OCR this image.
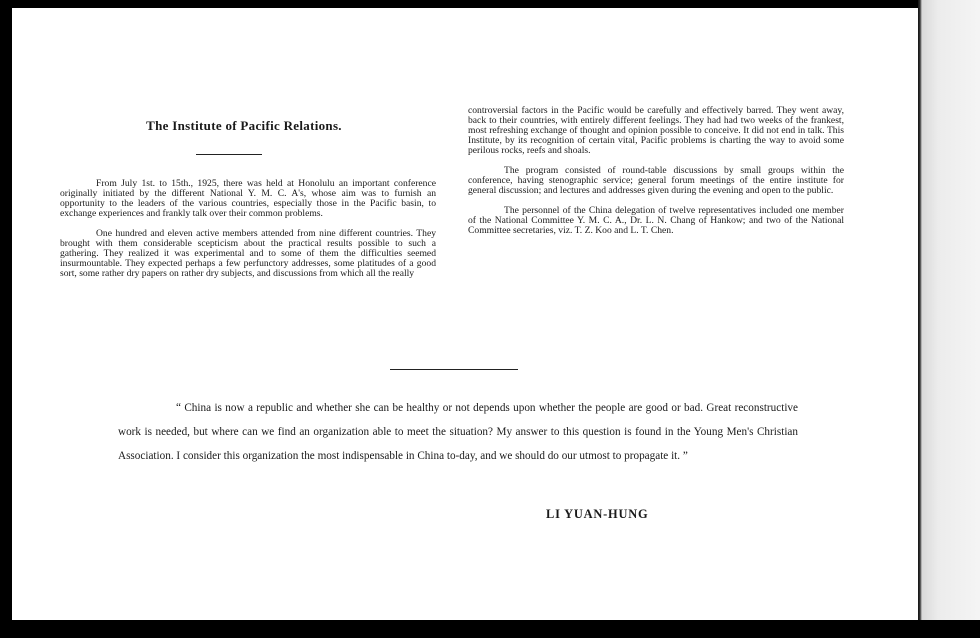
The Institute of Pacific Relations.

From July 1st. to 15th., 1925, there was held at Honolulu an important conference originally initiated by the different National Y. M. C. A's, whose aim was to furnish an opportunity to the leaders of the various countries, especially those in the Pacific basin, to exchange experiences and frankly talk over their common problems.

One hundred and eleven active members attended from nine different countries. They brought with them considerable scepticism about the practical results possible to such a gathering. They realized it was experimental and to some of them the difficulties seemed insurmountable. They expected perhaps a few perfunctory addresses, some platitudes of a good sort, some rather dry papers on rather dry subjects, and discussions from which all the really

controversial factors in the Pacific would be carefully and effectively barred. They went away, back to their countries, with entirely different feelings. They had had two weeks of the frankest, most refreshing exchange of thought and opinion possible to conceive. It did not end in talk. This Institute, by its recognition of certain vital, Pacific problems is charting the way to avoid some perilous rocks, reefs and shoals.

The program consisted of round-table discussions by small groups within the conference, having stenographic service; general forum meetings of the entire institute for general discussion; and lectures and addresses given during the evening and open to the public.

The personnel of the China delegation of twelve representatives included one member of the National Committee Y. M. C. A., Dr. L. N. Chang of Hankow; and two of the National Committee secretaries, viz. T. Z. Koo and L. T. Chen.

“ China is now a republic and whether she can be healthy or not depends upon whether the people are good or bad. Great reconstructive work is needed, but where can we find an organization able to meet the situation? My answer to this question is found in the Young Men's Christian Association. I consider this organization the most indispensable in China to-day, and we should do our utmost to propagate it. ”
LI YUAN-HUNG
